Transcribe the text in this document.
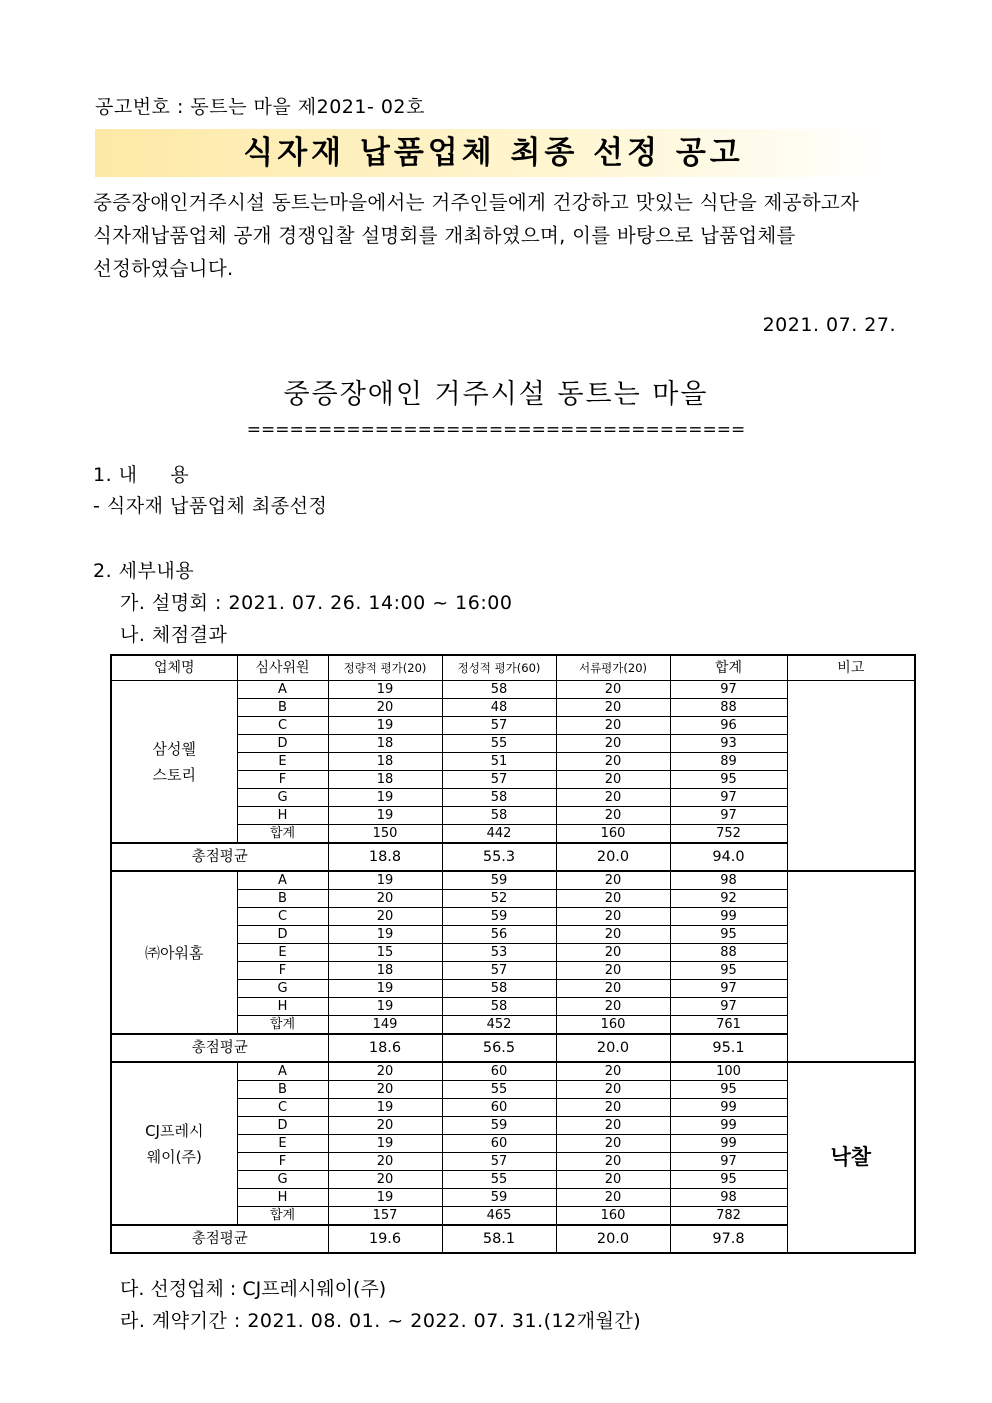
공고번호 : 동트는 마을 제2021- 02호
식자재 납품업체 최종 선정 공고
중증장애인거주시설 동트는마을에서는 거주인들에게 건강하고 맛있는 식단을 제공하고자
식자재납품업체 공개 경쟁입찰 설명회를 개최하였으며, 이를 바탕으로 납품업체를
선정하였습니다.
2021. 07. 27.
중증장애인 거주시설 동트는 마을
===================================
1. 내     용
- 식자재 납품업체 최종선정
2. 세부내용
가. 설명회 : 2021. 07. 26. 14:00 ~ 16:00
나. 체점결과
업체명	심사위원	정량적 평가(20)	정성적 평가(60)	서류평가(20)	합계	비고

삼성웰
스토리	A	19	58	20	97	
	B	20	48	20	88	
	C	19	57	20	96	
	D	18	55	20	93	
	E	18	51	20	89	
	F	18	57	20	95	
	G	19	58	20	97	
	H	19	58	20	97	
	합계	150	442	160	752	
총점평균		18.8	55.3	20.0	94.0	

㈜아워홈	A	19	59	20	98	
	B	20	52	20	92	
	C	20	59	20	99	
	D	19	56	20	95	
	E	15	53	20	88	
	F	18	57	20	95	
	G	19	58	20	97	
	H	19	58	20	97	
	합계	149	452	160	761	
총점평균		18.6	56.5	20.0	95.1	

CJ프레시
웨이(주)	A	20	60	20	100	낙찰
	B	20	55	20	95	
	C	19	60	20	99	
	D	20	59	20	99	
	E	19	60	20	99	
	F	20	57	20	97	
	G	20	55	20	95	
	H	19	59	20	98	
	합계	157	465	160	782	
총점평균		19.6	58.1	20.0	97.8	
다. 선정업체 : CJ프레시웨이(주)
라. 계약기간 : 2021. 08. 01. ~ 2022. 07. 31.(12개월간)
